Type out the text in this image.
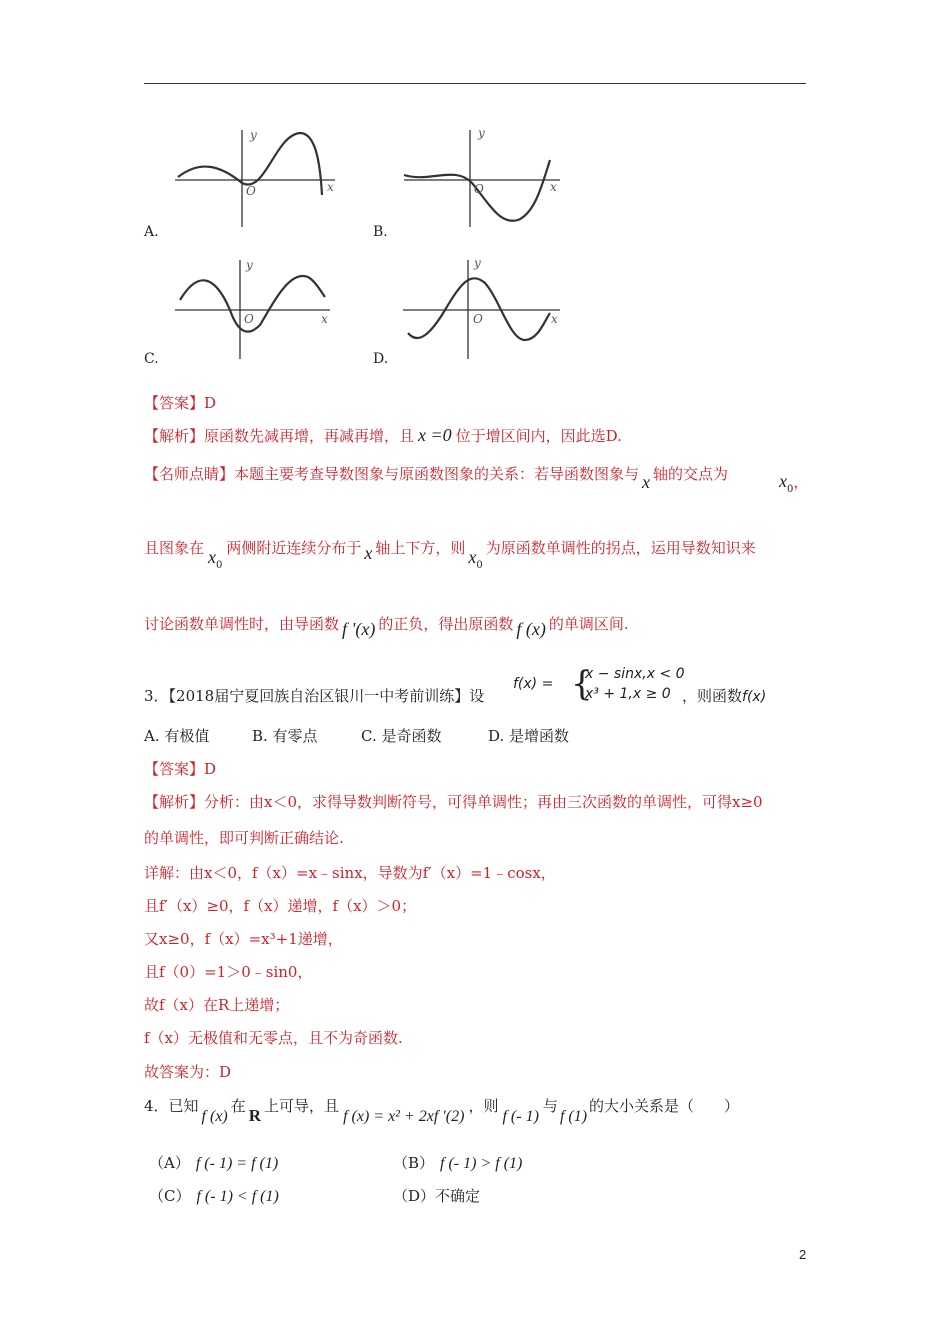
y
x
O
A.
y
x
O
B.
y
x
O
C.
y
x
O
D.
【答案】D
【解析】原函数先减再增，再减再增，且 x =0 位于增区间内，因此选D.
【名师点睛】本题主要考查导数图象与原函数图象的关系：若导函数图象与 x 轴的交点为	$x_0$，
且图象在 $x_0$两侧附近连续分布于 x 轴上下方，则 $x_0$为原函数单调性的拐点，运用导数知识来
讨论函数单调性时，由导函数 f '(x) 的正负，得出原函数 f (x) 的单调区间.
3．【2018届宁夏回族自治区银川一中考前训练】设
f(x) = {
x − sinx,x < 0
x³ + 1,x ≥ 0 ，则函数f(x)
A. 有极值	B. 有零点	C. 是奇函数	D. 是增函数
【答案】D
【解析】分析：由x＜0，求得导数判断符号，可得单调性；再由三次函数的单调性，可得x≥0
的单调性，即可判断正确结论.
详解：由x＜0，f（x）=x﹣sinx，导数为f′（x）=1﹣cosx，
且f′（x）≥0，f（x）递增，f（x）＞0；
又x≥0，f（x）=x³+1递增，
且f（0）=1＞0﹣sin0，
故f（x）在R上递增；
f（x）无极值和无零点，且不为奇函数.
故答案为：D
4．已知f (x)在 R 上可导，且f (x) = x² + 2xf ′(2)，则f (- 1)与f (1)的大小关系是（　　）
（A） f (- 1) = f (1)	（B） f (- 1) > f (1)
（C） f (- 1) < f (1)	（D）不确定
2
